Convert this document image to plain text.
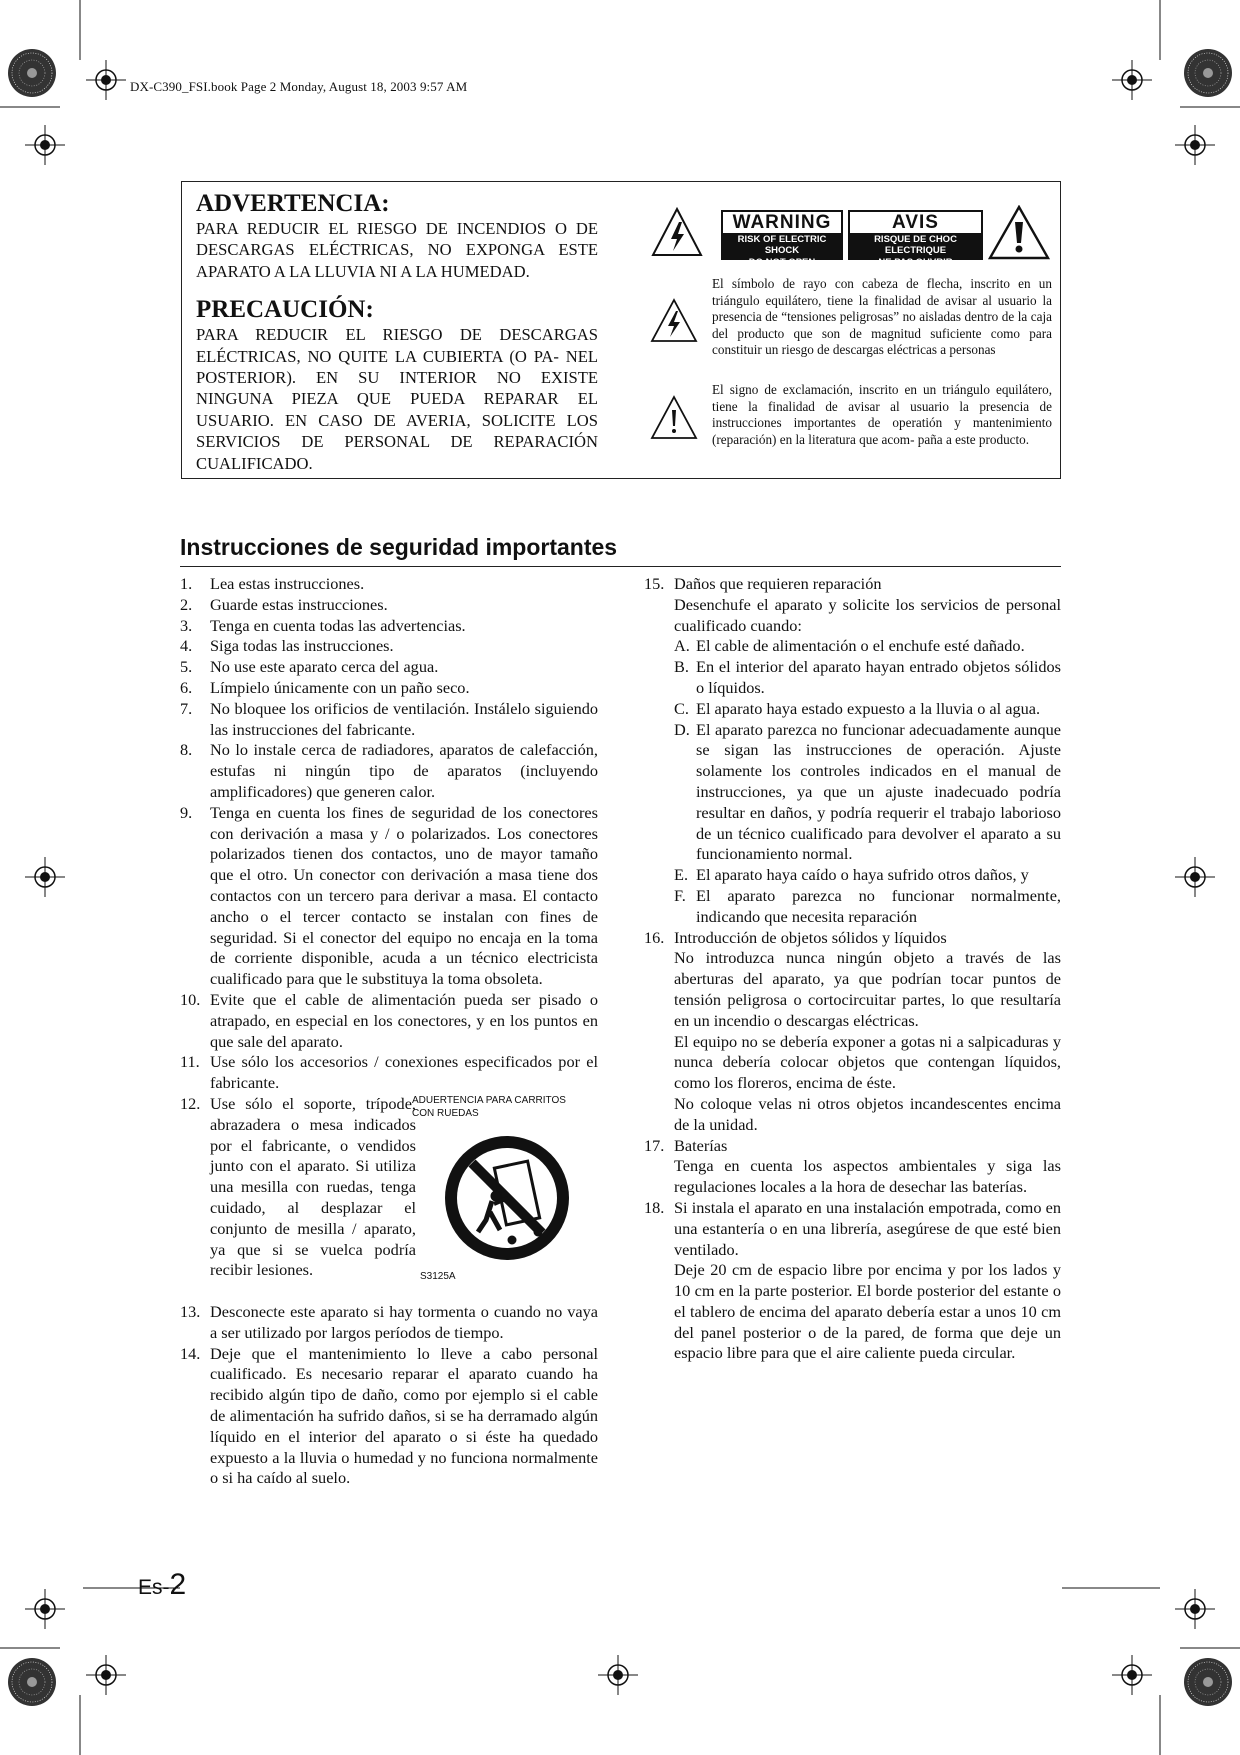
DX-C390_FSI.book Page 2 Monday, August 18, 2003 9:57 AM
ADVERTENCIA:

PARA REDUCIR EL RIESGO DE INCENDIOS O DE DESCARGAS ELÉCTRICAS, NO EXPONGA ESTE APARATO A LA LLUVIA NI A LA HUMEDAD.

PRECAUCIÓN:

PARA REDUCIR EL RIESGO DE DESCARGAS ELÉCTRICAS, NO QUITE LA CUBIERTA (O PA- NEL POSTERIOR). EN SU INTERIOR NO EXISTE NINGUNA PIEZA QUE PUEDA REPARAR EL USUARIO. EN CASO DE AVERIA, SOLICITE LOS SERVICIOS DE PERSONAL DE REPARACIÓN CUALIFICADO.

WARNING
RISK OF ELECTRIC SHOCK
DO NOT OPEN
AVIS
RISQUE DE CHOC ELECTRIQUE
NE PAS OUVRIR
El símbolo de rayo con cabeza de flecha, inscrito en un triángulo equilátero, tiene la finalidad de avisar al usuario la presencia de “tensiones peligrosas” no aisladas dentro de la caja del producto que son de magnitud suficiente como para constituir un riesgo de descargas eléctricas a personas
El signo de exclamación, inscrito en un triángulo equilátero, tiene la finalidad de avisar al usuario la presencia de instrucciones importantes de operatión y mantenimiento (reparación) en la literatura que acom- paña a este producto.
Instrucciones de seguridad importantes
1.	Lea estas instrucciones.
2.	Guarde estas instrucciones.
3.	Tenga en cuenta todas las advertencias.
4.	Siga todas las instrucciones.
5.	No use este aparato cerca del agua.
6.	Límpielo únicamente con un paño seco.
7.	No bloquee los orificios de ventilación. Instálelo siguiendo las instrucciones del fabricante.
8.	No lo instale cerca de radiadores, aparatos de calefacción, estufas ni ningún tipo de aparatos (incluyendo amplificadores) que generen calor.
9.	Tenga en cuenta los fines de seguridad de los conectores con derivación a masa y / o polarizados. Los conectores polarizados tienen dos contactos, uno de mayor tamaño que el otro. Un conector con derivación a masa tiene dos contactos con un tercero para derivar a masa. El contacto ancho o el tercer contacto se instalan con fines de seguridad. Si el conector del equipo no encaja en la toma de corriente disponible, acuda a un técnico electricista cualificado para que le substituya la toma obsoleta.
10. Evite que el cable de alimentación pueda ser pisado o atrapado, en especial en los conectores, y en los puntos en que sale del aparato.
11. Use sólo los accesorios / conexiones especificados por el fabricante.
12. Use sólo el soporte, trípode, abrazadera o mesa indicados por el fabricante, o vendidos junto con el aparato. Si utiliza una mesilla con ruedas, tenga cuidado, al desplazar el conjunto de mesilla / aparato, ya que si se vuelca podría recibir lesiones.
ADUERTENCIA PARA CARRITOS
CON RUEDAS
S3125A
13. Desconecte este aparato si hay tormenta o cuando no vaya a ser utilizado por largos períodos de tiempo.
14. Deje que el mantenimiento lo lleve a cabo personal cualificado. Es necesario reparar el aparato cuando ha recibido algún tipo de daño, como por ejemplo si el cable de alimentación ha sufrido daños, si se ha derramado algún líquido en el interior del aparato o si éste ha quedado expuesto a la lluvia o humedad y no funciona normalmente o si ha caído al suelo.
15. Daños que requieren reparación
Desenchufe el aparato y solicite los servicios de personal cualificado cuando:
A. El cable de alimentación o el enchufe esté dañado.
B. En el interior del aparato hayan entrado objetos sólidos o líquidos.
C. El aparato haya estado expuesto a la lluvia o al agua.
D. El aparato parezca no funcionar adecuadamente aunque se sigan las instrucciones de operación. Ajuste solamente los controles indicados en el manual de instrucciones, ya que un ajuste inadecuado podría resultar en daños, y podría requerir el trabajo laborioso de un técnico cualificado para devolver el aparato a su funcionamiento normal.
E. El aparato haya caído o haya sufrido otros daños, y
F. El aparato parezca no funcionar normalmente, indicando que necesita reparación
16. Introducción de objetos sólidos y líquidos
No introduzca nunca ningún objeto a través de las aberturas del aparato, ya que podrían tocar puntos de tensión peligrosa o cortocircuitar partes, lo que resultaría en un incendio o descargas eléctricas.
El equipo no se debería exponer a gotas ni a salpicaduras y nunca debería colocar objetos que contengan líquidos, como los floreros, encima de éste.
No coloque velas ni otros objetos incandescentes encima de la unidad.
17. Baterías
Tenga en cuenta los aspectos ambientales y siga las regulaciones locales a la hora de desechar las baterías.
18. Si instala el aparato en una instalación empotrada, como en una estantería o en una librería, asegúrese de que esté bien ventilado.
Deje 20 cm de espacio libre por encima y por los lados y 10 cm en la parte posterior. El borde posterior del estante o el tablero de encima del aparato debería estar a unos 10 cm del panel posterior o de la pared, de forma que deje un espacio libre para que el aire caliente pueda circular.
Es-2
